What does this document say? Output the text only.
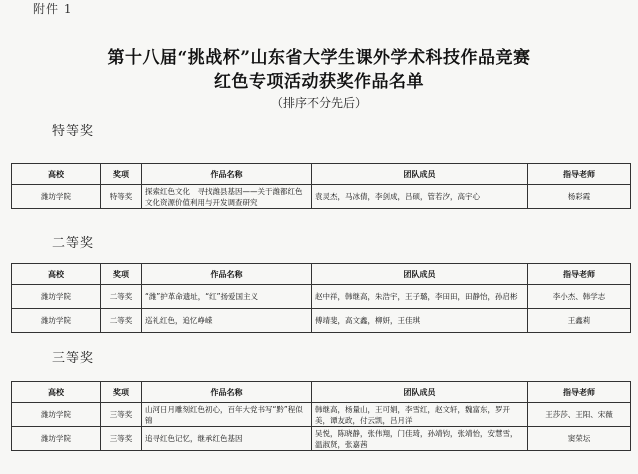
附件 1
第十八届“挑战杯”山东省大学生课外学术科技作品竞赛
红色专项活动获奖作品名单
（排序不分先后）
特等奖
高校	奖项	作品名称	团队成员	指导老师
潍坊学院	特等奖	探索红色文化　寻找潍县基因——关于潍都红色文化资源价值利用与开发调查研究	袁灵杰，马冰倩，李剑成，吕硕，管若汐，高宇心	杨彩霞
二等奖
高校	奖项	作品名称	团队成员	指导老师
潍坊学院	二等奖	“潍”护革命遗址，“红”扬爱国主义	赵中祥，韩继高，朱浩宇，王子璐，李田田，田静怡，孙启彬	李小杰、韩学志
潍坊学院	二等奖	巡礼红色，追忆峥嵘	傅靖斐，高文鑫，柳妍，王佳琪	王鑫莉
三等奖
高校	奖项	作品名称	团队成员	指导老师
潍坊学院	三等奖	山河日月雕刻红色初心，百年大党书写“黔”程似锦	韩继高，杨量山，王可娟，李雪红，赵文轩，魏富东，罗开美，谭友政，付云凯，吕月洋	王莎莎、王阳、宋薇
潍坊学院	三等奖	追寻红色记忆，继承红色基因	吴悦，陈晓静，张伟翔，门佳琦，孙靖钧，张靖怡，安慧雪，温淑贤，张嘉茜	窦荣坛
